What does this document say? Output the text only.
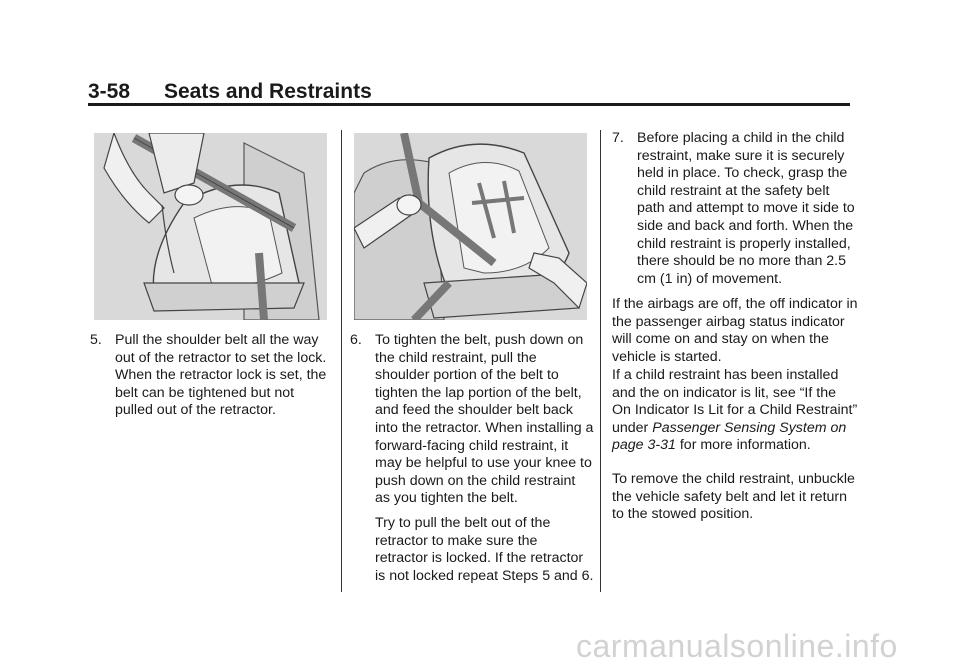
3-58 Seats and Restraints
5. Pull the shoulder belt all the way out of the retractor to set the lock. When the retractor lock is set, the belt can be tightened but not pulled out of the retractor.
6. To tighten the belt, push down on the child restraint, pull the shoulder portion of the belt to tighten the lap portion of the belt, and feed the shoulder belt back into the retractor. When installing a forward-facing child restraint, it may be helpful to use your knee to push down on the child restraint as you tighten the belt.
Try to pull the belt out of the retractor to make sure the retractor is locked. If the retractor is not locked repeat Steps 5 and 6.
7. Before placing a child in the child restraint, make sure it is securely held in place. To check, grasp the child restraint at the safety belt path and attempt to move it side to side and back and forth. When the child restraint is properly installed, there should be no more than 2.5 cm (1 in) of movement.
If the airbags are off, the off indicator in the passenger airbag status indicator will come on and stay on when the vehicle is started.
If a child restraint has been installed and the on indicator is lit, see “If the On Indicator Is Lit for a Child Restraint” under Passenger Sensing System on page 3-31 for more information.
To remove the child restraint, unbuckle the vehicle safety belt and let it return to the stowed position.
carmanualsonline.info
